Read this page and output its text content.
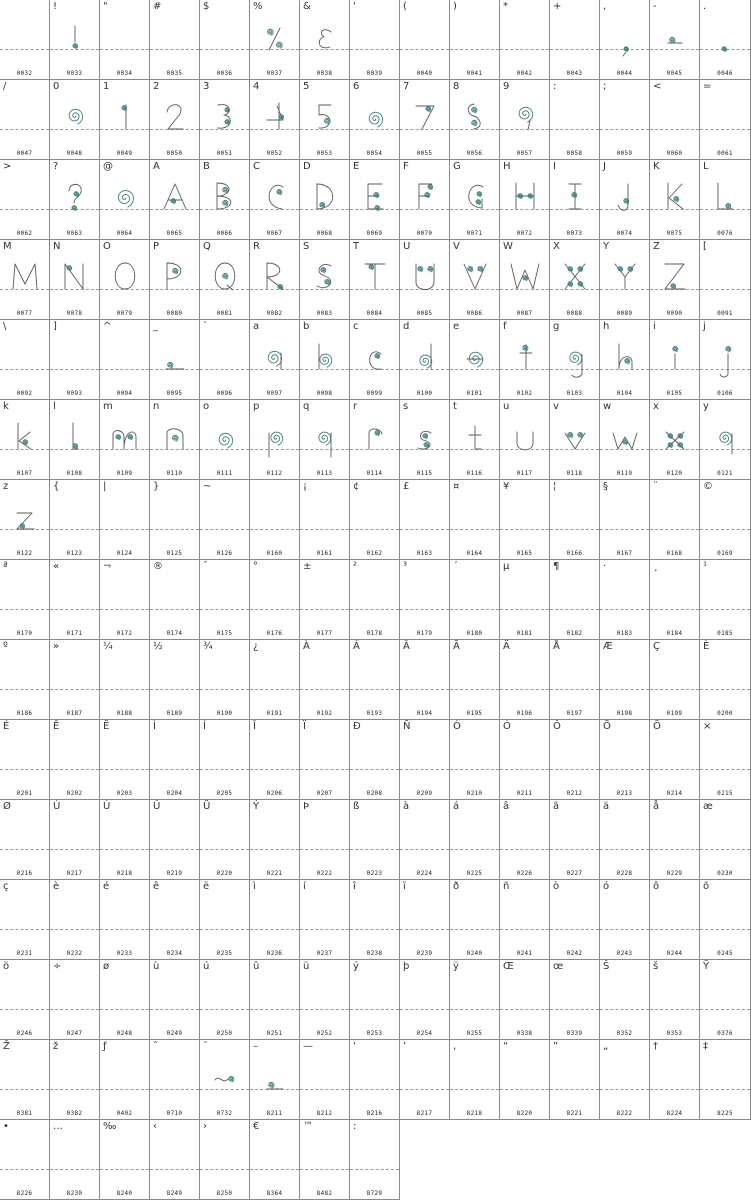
0032
!
0033
"
0034
#
0035
$
0036
%
0037
&
0038
'
0039
(
0040
)
0041
*
0042
+
0043
,
0044
-
0045
.
0046
/
0047
0
0048
1
0049
2
0050
3
0051
4
0052
5
0053
6
0054
7
0055
8
0056
9
0057
:
0058
;
0059
<
0060
=
0061
>
0062
?
0063
@
0064
A
0065
B
0066
C
0067
D
0068
E
0069
F
0070
G
0071
H
0072
I
0073
J
0074
K
0075
L
0076
M
0077
N
0078
O
0079
P
0080
Q
0081
R
0082
S
0083
T
0084
U
0085
V
0086
W
0087
X
0088
Y
0089
Z
0090
[
0091
\
0092
]
0093
^
0094
_
0095
`
0096
a
0097
b
0098
c
0099
d
0100
e
0101
f
0102
g
0103
h
0104
i
0105
j
0106
k
0107
l
0108
m
0109
n
0110
o
0111
p
0112
q
0113
r
0114
s
0115
t
0116
u
0117
v
0118
w
0119
x
0120
y
0121
z
0122
{
0123
|
0124
}
0125
~
0126	0160
¡
0161
¢
0162
£
0163
¤
0164
¥
0165
¦
0166
§
0167
¨
0168
©
0169
ª
0170
«
0171
¬
0172
®
0174
¯
0175
°
0176
±
0177
²
0178
³
0179
´
0180
µ
0181
¶
0182
·
0183
¸
0184
¹
0185
º
0186
»
0187
¼
0188
½
0189
¾
0190
¿
0191
À
0192
Á
0193
Â
0194
Ã
0195
Ä
0196
Å
0197
Æ
0198
Ç
0199
È
0200
É
0201
Ê
0202
Ë
0203
Ì
0204
Í
0205
Î
0206
Ï
0207
Ð
0208
Ñ
0209
Ò
0210
Ó
0211
Ô
0212
Õ
0213
Ö
0214
×
0215
Ø
0216
Ù
0217
Ú
0218
Û
0219
Ü
0220
Ý
0221
Þ
0222
ß
0223
à
0224
á
0225
â
0226
ã
0227
ä
0228
å
0229
æ
0230
ç
0231
è
0232
é
0233
ê
0234
ë
0235
ì
0236
í
0237
î
0238
ï
0239
ð
0240
ñ
0241
ò
0242
ó
0243
ô
0244
õ
0245
ö
0246
÷
0247
ø
0248
ù
0249
ú
0250
û
0251
ü
0252
ý
0253
þ
0254
ÿ
0255
Œ
0338
œ
0339
Š
0352
š
0353
Ÿ
0376
Ž
0381
ž
0382
ƒ
0402
ˆ
0710
˜
0732
–
8211
—
8212
‘
8216
’
8217
‚
8218
“
8220
”
8221
„
8222
†
8224
‡
8225
•
8226
…
8230
‰
8240
‹
8249
›
8250
€
8364
™
8482
:
8729
